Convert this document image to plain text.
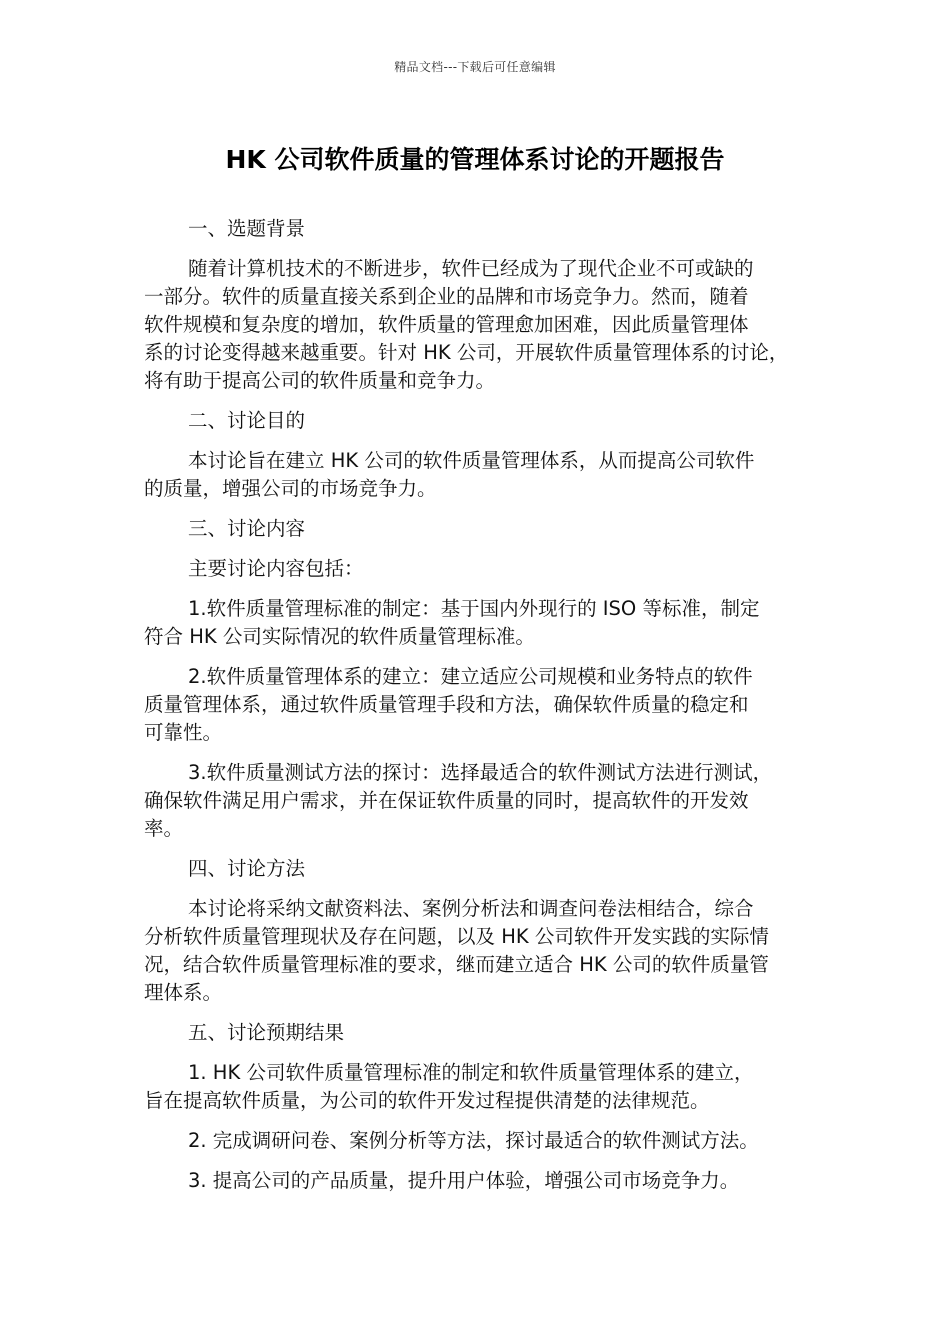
精品文档---下载后可任意编辑
HK 公司软件质量的管理体系讨论的开题报告
一、选题背景
随着计算机技术的不断进步，软件已经成为了现代企业不可或缺的
一部分。软件的质量直接关系到企业的品牌和市场竞争力。然而，随着
软件规模和复杂度的增加，软件质量的管理愈加困难，因此质量管理体
系的讨论变得越来越重要。针对 HK 公司，开展软件质量管理体系的讨论，
将有助于提高公司的软件质量和竞争力。
二、讨论目的
本讨论旨在建立 HK 公司的软件质量管理体系，从而提高公司软件
的质量，增强公司的市场竞争力。
三、讨论内容
主要讨论内容包括：
1.软件质量管理标准的制定：基于国内外现行的 ISO 等标准，制定
符合 HK 公司实际情况的软件质量管理标准。
2.软件质量管理体系的建立：建立适应公司规模和业务特点的软件
质量管理体系，通过软件质量管理手段和方法，确保软件质量的稳定和
可靠性。
3.软件质量测试方法的探讨：选择最适合的软件测试方法进行测试，
确保软件满足用户需求，并在保证软件质量的同时，提高软件的开发效
率。
四、讨论方法
本讨论将采纳文献资料法、案例分析法和调查问卷法相结合，综合
分析软件质量管理现状及存在问题，以及 HK 公司软件开发实践的实际情
况，结合软件质量管理标准的要求，继而建立适合 HK 公司的软件质量管
理体系。
五、讨论预期结果
1. HK 公司软件质量管理标准的制定和软件质量管理体系的建立，
旨在提高软件质量，为公司的软件开发过程提供清楚的法律规范。
2. 完成调研问卷、案例分析等方法，探讨最适合的软件测试方法。
3. 提高公司的产品质量，提升用户体验，增强公司市场竞争力。
